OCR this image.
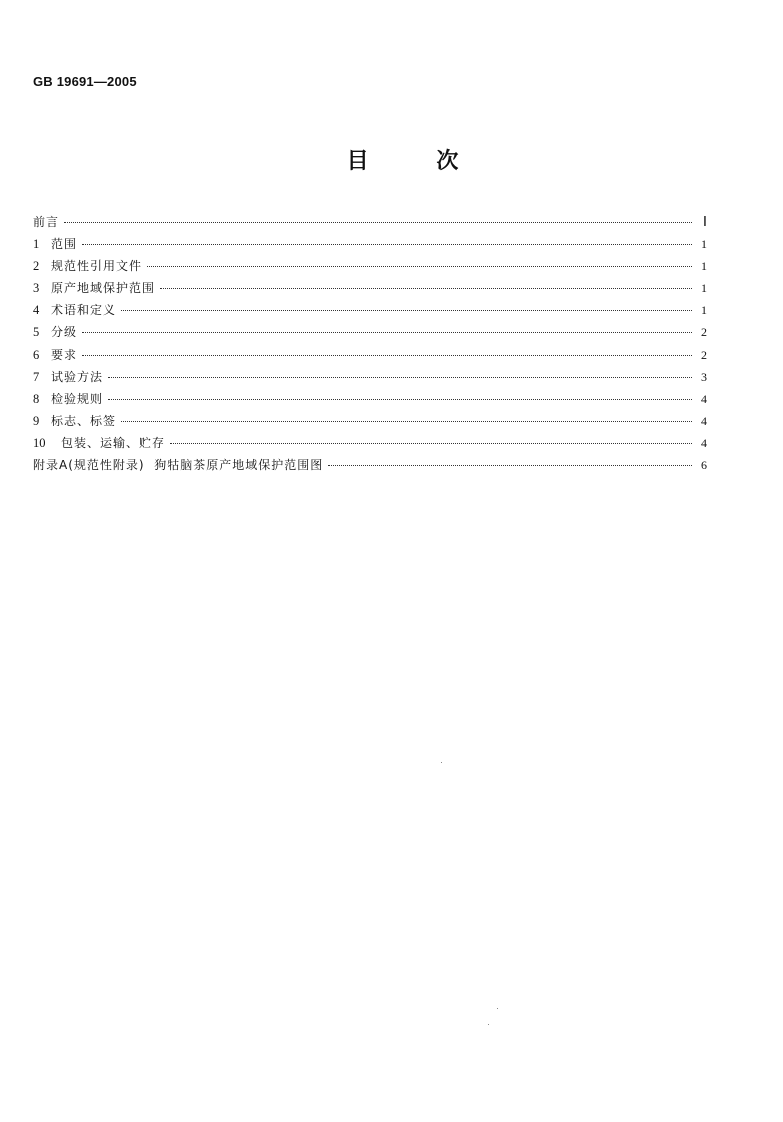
GB 19691—2005
目 次
前言	Ⅰ
1 范围	1
2 规范性引用文件	1
3 原产地域保护范围	1
4 术语和定义	1
5 分级	2
6 要求	2
7 试验方法	3
8 检验规则	4
9 标志、标签	4
10	包装、运输、贮存	4
附录A(规范性附录)  狗牯脑茶原产地域保护范围图	6
